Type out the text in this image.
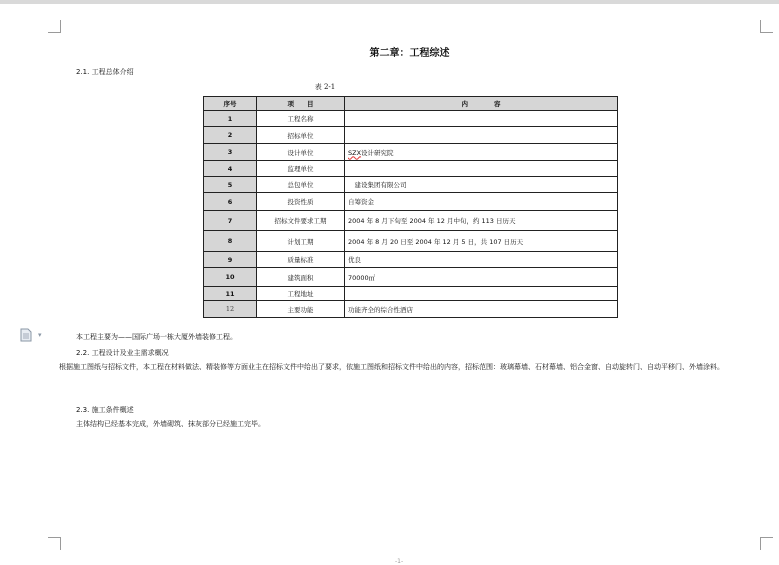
第二章：工程综述
2.1. 工程总体介绍
表 2-1
序号	项　　目	内　　　　容
1	工程名称	
2	招标单位	
3	设计单位	SZX设计研究院
4	监理单位	
5	总包单位	　建设集团有限公司
6	投资性质	自筹资金
7	招标文件要求工期	2004 年 8 月下旬至 2004 年 12 月中旬，约 113 日历天
8	计划工期	2004 年 8 月 20 日至 2004 年 12 月 5 日，共 107 日历天
9	质量标准	优良
10	建筑面积	70000㎡
11	工程地址	
12	主要功能	功能齐全的综合性酒店
▾	本工程主要为——国际广场一栋大厦外墙装修工程。
2.2. 工程设计及业主需求概况
根据施工图纸与招标文件，本工程在材料做法、精装修等方面业主在招标文件中给出了要求，依施工图纸和招标文件中给出的内容，招标范围：玻璃幕墙、石材幕墙、铝合金窗、自动旋转门、自动平移门、外墙涂料。
2.3. 施工条件概述
主体结构已经基本完成，外墙砌筑、抹灰部分已经施工完毕。
-1-
